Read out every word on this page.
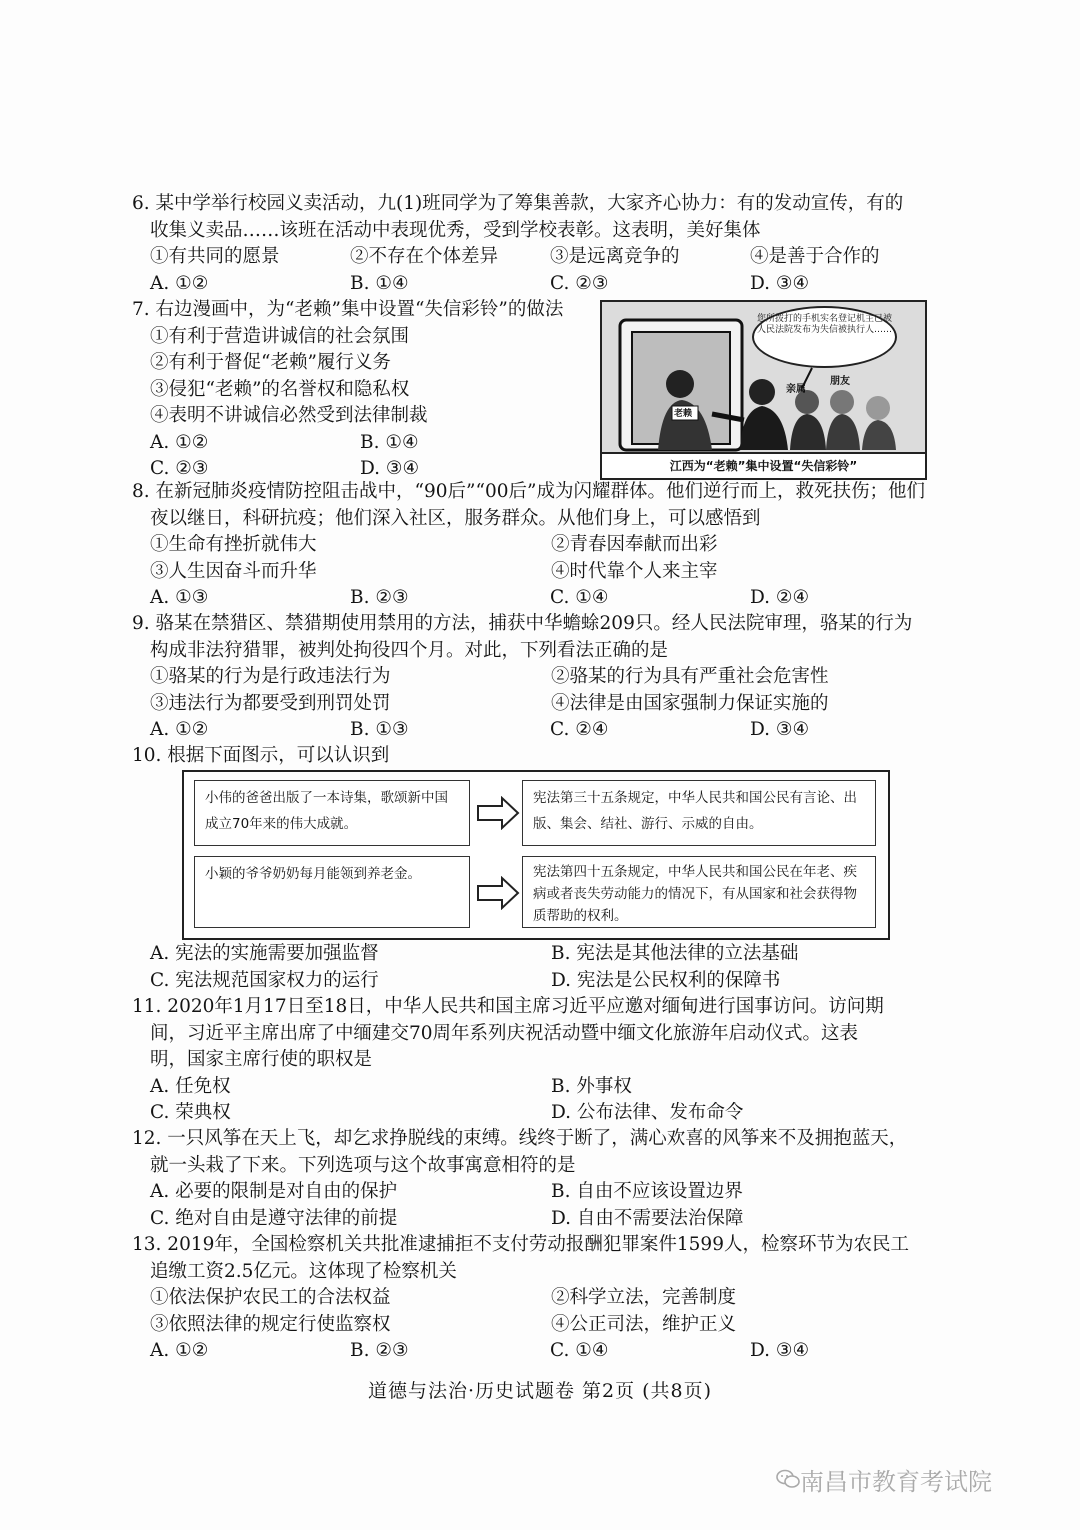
6. 某中学举行校园义卖活动，九(1)班同学为了筹集善款，大家齐心协力：有的发动宣传，有的

收集义卖品……该班在活动中表现优秀，受到学校表彰。这表明，美好集体

①有共同的愿景	②不存在个体差异	③是远离竞争的	④是善于合作的
A. ①②	B. ①④	C. ②③	D. ③④

7. 右边漫画中，为“老赖”集中设置“失信彩铃”的做法

①有利于营造讲诚信的社会氛围
②有利于督促“老赖”履行义务
③侵犯“老赖”的名誉权和隐私权
④表明不讲诚信必然受到法律制裁
A. ①②	B. ①④
C. ②③	D. ③④
您所拨打的手机实名登记机主已被人民法院发布为失信被执行人……
亲属
朋友
老赖
江西为“老赖”集中设置“失信彩铃”

8. 在新冠肺炎疫情防控阻击战中，“90后”“00后”成为闪耀群体。他们逆行而上，救死扶伤；他们

夜以继日，科研抗疫；他们深入社区，服务群众。从他们身上，可以感悟到

①生命有挫折就伟大	②青春因奉献而出彩
③人生因奋斗而升华	④时代靠个人来主宰
A. ①③	B. ②③	C. ①④	D. ②④

9. 骆某在禁猎区、禁猎期使用禁用的方法，捕获中华蟾蜍209只。经人民法院审理，骆某的行为

构成非法狩猎罪，被判处拘役四个月。对此，下列看法正确的是

①骆某的行为是行政违法行为	②骆某的行为具有严重社会危害性
③违法行为都要受到刑罚处罚	④法律是由国家强制力保证实施的
A. ①②	B. ①③	C. ②④	D. ③④

10. 根据下面图示，可以认识到

小伟的爸爸出版了一本诗集，歌颂新中国成立70年来的伟大成就。
宪法第三十五条规定，中华人民共和国公民有言论、出版、集会、结社、游行、示威的自由。
小颖的爷爷奶奶每月能领到养老金。	宪法第四十五条规定，中华人民共和国公民在年老、疾病或者丧失劳动能力的情况下，有从国家和社会获得物质帮助的权利。
A. 宪法的实施需要加强监督	B. 宪法是其他法律的立法基础
C. 宪法规范国家权力的运行	D. 宪法是公民权利的保障书

11. 2020年1月17日至18日，中华人民共和国主席习近平应邀对缅甸进行国事访问。访问期

间，习近平主席出席了中缅建交70周年系列庆祝活动暨中缅文化旅游年启动仪式。这表

明，国家主席行使的职权是

A. 任免权	B. 外事权
C. 荣典权	D. 公布法律、发布命令

12. 一只风筝在天上飞，却乞求挣脱线的束缚。线终于断了，满心欢喜的风筝来不及拥抱蓝天，

就一头栽了下来。下列选项与这个故事寓意相符的是

A. 必要的限制是对自由的保护	B. 自由不应该设置边界
C. 绝对自由是遵守法律的前提	D. 自由不需要法治保障

13. 2019年，全国检察机关共批准逮捕拒不支付劳动报酬犯罪案件1599人，检察环节为农民工

追缴工资2.5亿元。这体现了检察机关

①依法保护农民工的合法权益	②科学立法，完善制度
③依照法律的规定行使监察权	④公正司法，维护正义
A. ①②	B. ②③	C. ①④	D. ③④
道德与法治·历史试题卷 第2页 (共8页)
南昌市教育考试院
